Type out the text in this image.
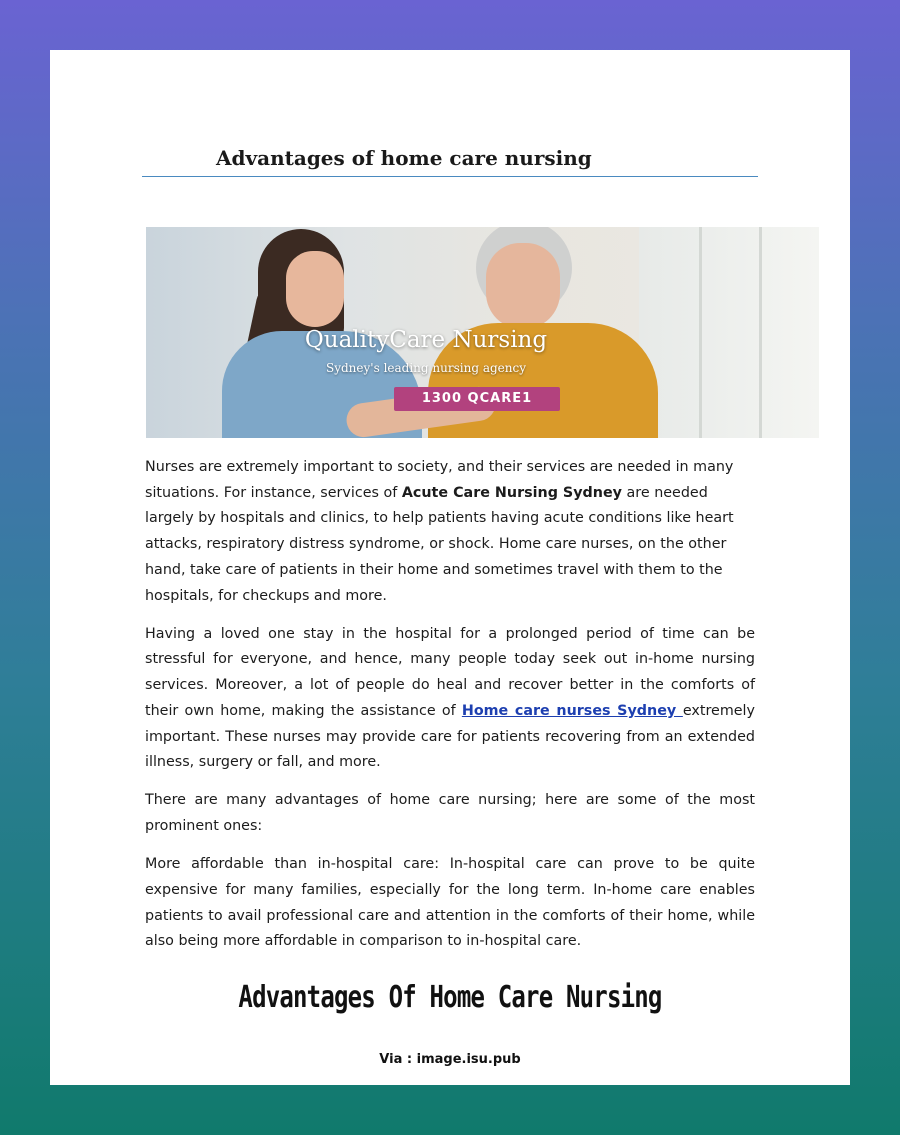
Advantages of home care nursing
QualityCare Nursing
Sydney's leading nursing agency
1300 QCARE1

Nurses are extremely important to society, and their services are needed in many situations. For instance, services of Acute Care Nursing Sydney are needed largely by hospitals and clinics, to help patients having acute conditions like heart attacks, respiratory distress syndrome, or shock. Home care nurses, on the other hand, take care of patients in their home and sometimes travel with them to the hospitals, for checkups and more.

Having a loved one stay in the hospital for a prolonged period of time can be stressful for everyone, and hence, many people today seek out in-home nursing services. Moreover, a lot of people do heal and recover better in the comforts of their own home, making the assistance of Home care nurses Sydney extremely important. These nurses may provide care for patients recovering from an extended illness, surgery or fall, and more.

There are many advantages of home care nursing; here are some of the most prominent ones:

More affordable than in-hospital care: In-hospital care can prove to be quite expensive for many families, especially for the long term. In-home care enables patients to avail professional care and attention in the comforts of their home, while also being more affordable in comparison to in-hospital care.

Advantages Of Home Care Nursing
Via : image.isu.pub
